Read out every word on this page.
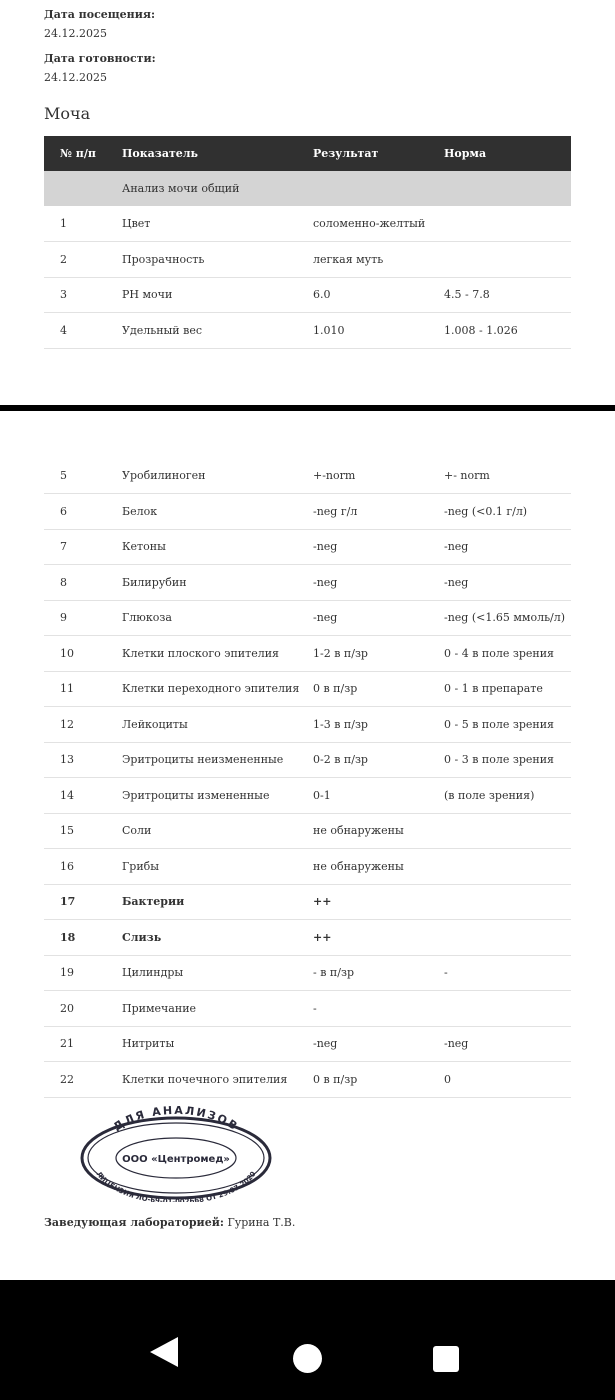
Дата посещения:
24.12.2025
Дата готовности:
24.12.2025
Моча
№ п/п	Показатель	Результат	Норма
	Анализ мочи общий		
1	Цвет	соломенно-желтый	
2	Прозрачность	легкая муть	
3	РН мочи	6.0	4.5 - 7.8
4	Удельный вес	1.010	1.008 - 1.026
5	Уробилиноген	+-norm	+- norm
6	Белок	-neg г/л	-neg (<0.1 г/л)
7	Кетоны	-neg	-neg
8	Билирубин	-neg	-neg
9	Глюкоза	-neg	-neg (<1.65 ммоль/л)
10	Клетки плоского эпителия	1-2 в п/зр	0 - 4 в поле зрения
11	Клетки переходного эпителия	0 в п/зр	0 - 1 в препарате
12	Лейкоциты	1-3 в п/зр	0 - 5 в поле зрения
13	Эритроциты неизмененные	0-2 в п/зр	0 - 3 в поле зрения
14	Эритроциты измененные	0-1	(в поле зрения)
15	Соли	не обнаружены	
16	Грибы	не обнаружены	
17	Бактерии	++	
18	Слизь	++	
19	Цилиндры	- в п/зр	-
20	Примечание	-	
21	Нитриты	-neg	-neg
22	Клетки почечного эпителия	0 в п/зр	0
ДЛЯ АНАЛИЗОВ
ООО «Центромед»
ЛИЦЕНЗИЯ ЛО-69-01-002668 ОТ 29.07.2020
Заведующая лабораторией: Гурина Т.В.
